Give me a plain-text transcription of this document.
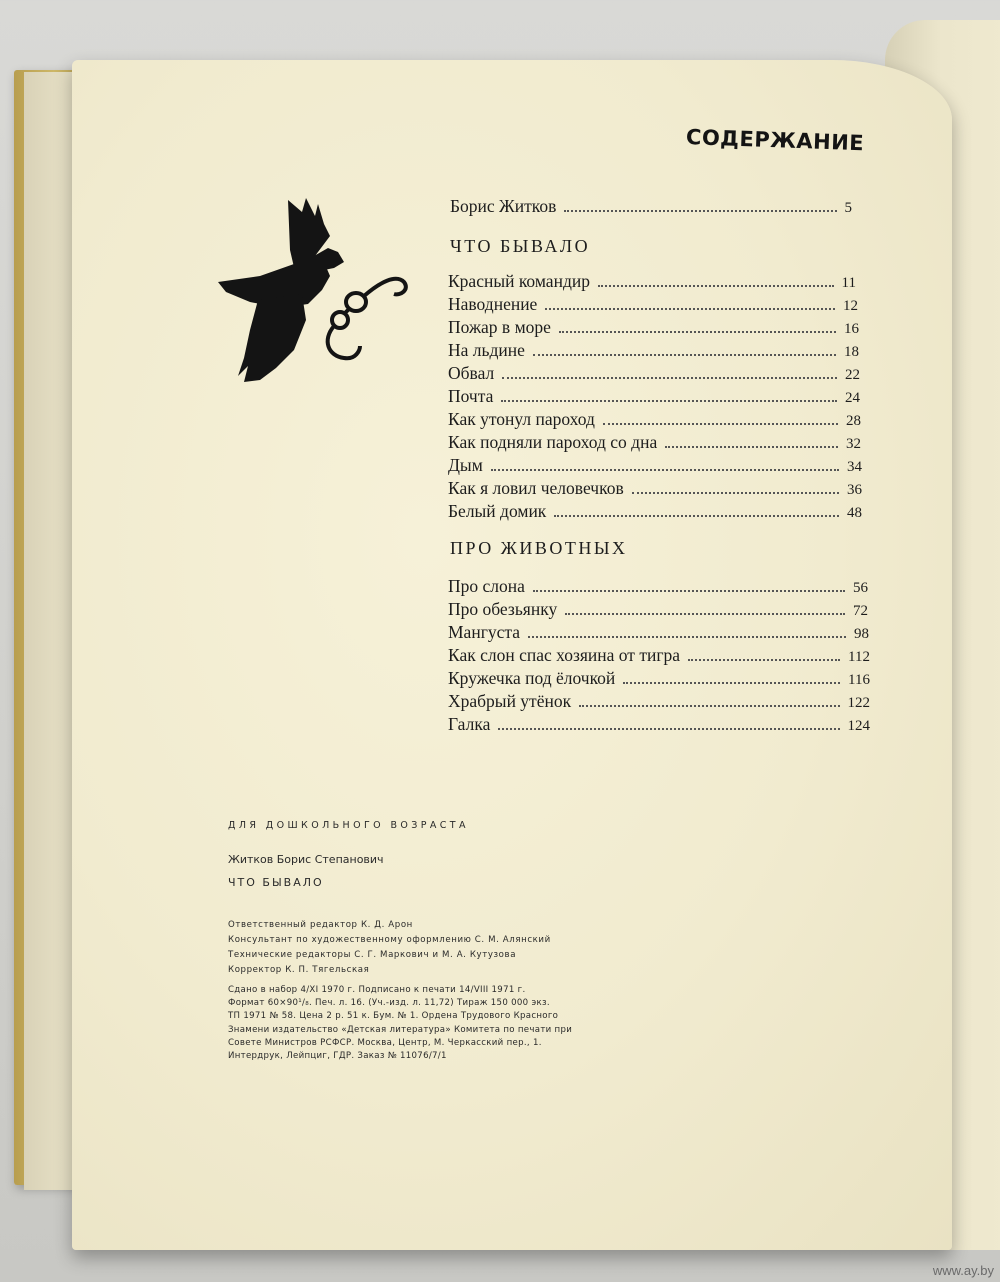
СОДЕРЖАНИЕ
Борис Житков	5
ЧТО БЫВАЛО
Красный командир	11
Наводнение	12
Пожар в море	16
На льдине	18
Обвал	22
Почта	24
Как утонул пароход	28
Как подняли пароход со дна	32
Дым	34
Как я ловил человечков	36
Белый домик	48
ПРО ЖИВОТНЫХ
Про слона	56
Про обезьянку	72
Мангуста	98
Как слон спас хозяина от тигра	112
Кружечка под ёлочкой	116
Храбрый утёнок	122
Галка	124
ДЛЯ ДОШКОЛЬНОГО ВОЗРАСТА
Житков Борис Степанович
ЧТО БЫВАЛО
Ответственный редактор К. Д. Арон
Консультант по художественному оформлению С. М. Алянский
Технические редакторы С. Г. Маркович и М. А. Кутузова
Корректор К. П. Тягельская
Сдано в набор 4/XI 1970 г. Подписано к печати 14/VIII 1971 г.
Формат 60×90¹/₈. Печ. л. 16. (Уч.-изд. л. 11,72) Тираж 150 000 экз.
ТП 1971 № 58. Цена 2 р. 51 к. Бум. № 1. Ордена Трудового Красного
Знамени издательство «Детская литература» Комитета по печати при
Совете Министров РСФСР. Москва, Центр, М. Черкасский пер., 1.
Интердрук, Лейпциг, ГДР. Заказ № 11076/7/1
www.ay.by
